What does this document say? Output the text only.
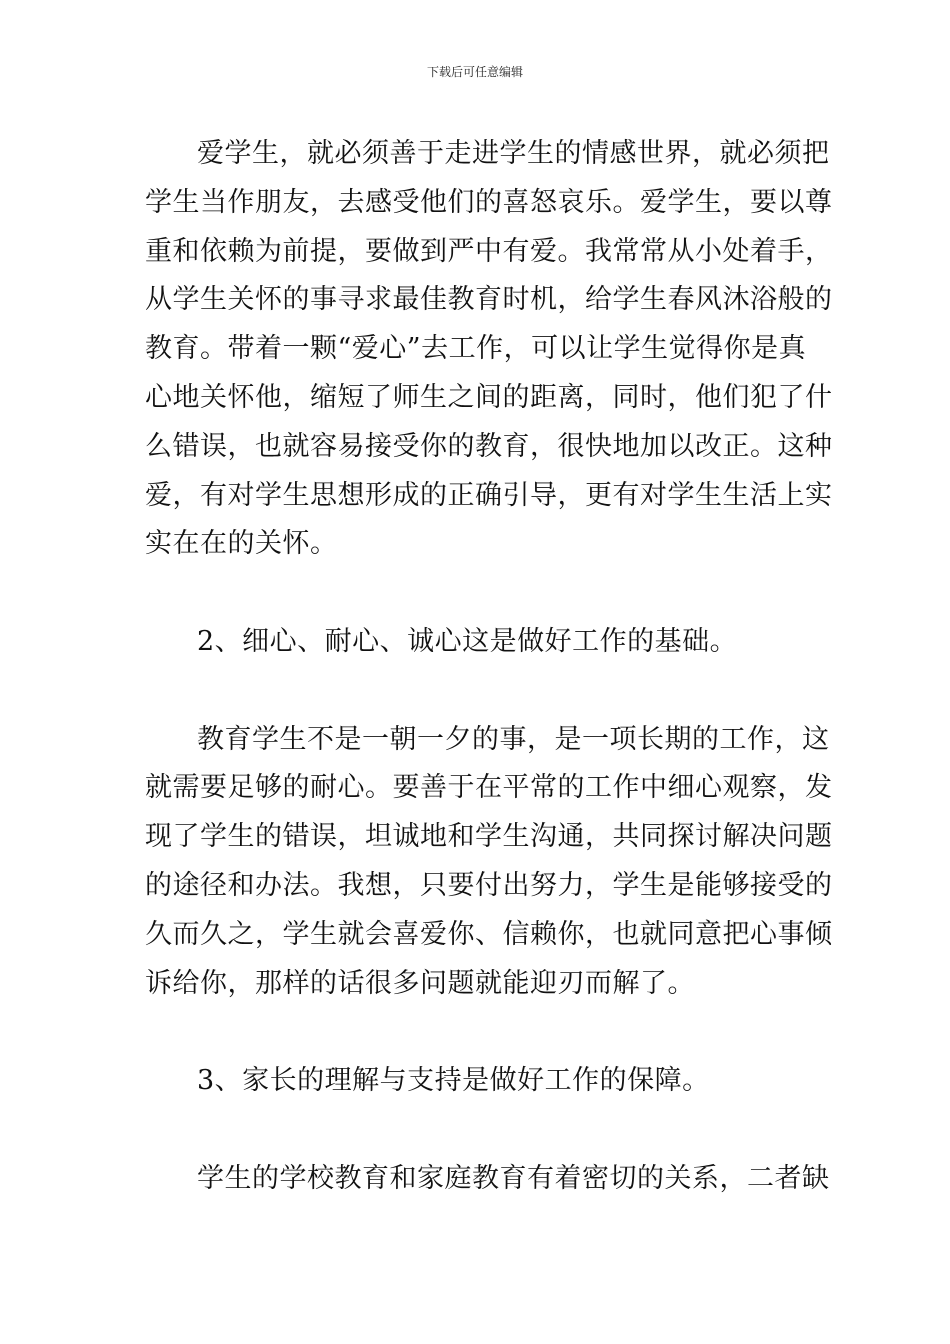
下载后可任意编辑
爱学生，就必须善于走进学生的情感世界，就必须把
学生当作朋友，去感受他们的喜怒哀乐。爱学生，要以尊
重和依赖为前提，要做到严中有爱。我常常从小处着手，
从学生关怀的事寻求最佳教育时机，给学生春风沐浴般的
教育。带着一颗“爱心”去工作，可以让学生觉得你是真
心地关怀他，缩短了师生之间的距离，同时，他们犯了什
么错误，也就容易接受你的教育，很快地加以改正。这种
爱，有对学生思想形成的正确引导，更有对学生生活上实
实在在的关怀。
2、细心、耐心、诚心这是做好工作的基础。
教育学生不是一朝一夕的事，是一项长期的工作，这
就需要足够的耐心。要善于在平常的工作中细心观察，发
现了学生的错误，坦诚地和学生沟通，共同探讨解决问题
的途径和办法。我想，只要付出努力，学生是能够接受的
久而久之，学生就会喜爱你、信赖你，也就同意把心事倾
诉给你，那样的话很多问题就能迎刃而解了。
3、家长的理解与支持是做好工作的保障。
学生的学校教育和家庭教育有着密切的关系，二者缺
